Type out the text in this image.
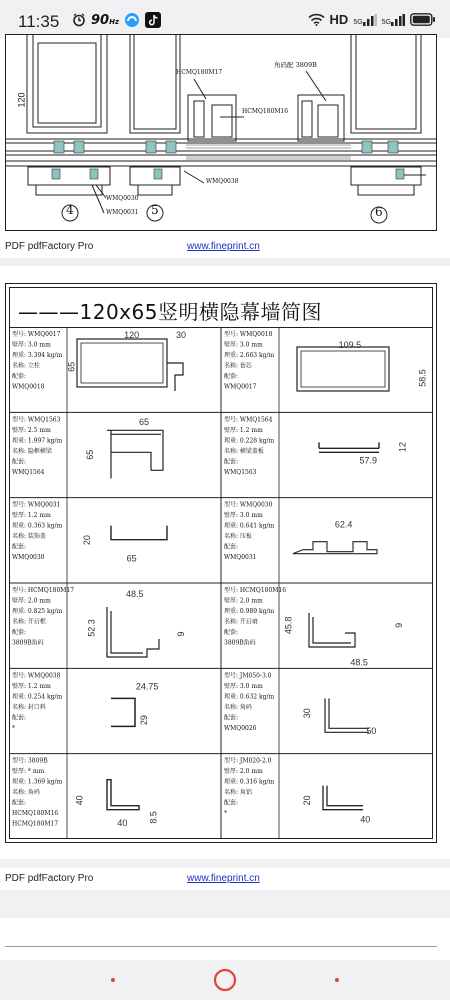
11:35 90Hz	HD 5G	5G
120
HCMQ180M17
HCMQ180M16
角码配 3809B
WMQ0038
WMQ0030
WMQ0031
4	5	6
PDF pdfFactory Pro	www.fineprint.cn
———120x65竖明横隐幕墙简图
型号: WMQ0017
壁厚: 3.0 mm
理重: 3.394 kg/m
名称: 立柱
配套:
WMQ0018
120	30
65
型号: WMQ0018
壁厚: 3.0 mm
理重: 2.663 kg/m
名称: 套芯
配套:
WMQ0017
109.5
58.5
型号: WMQ1563
壁厚: 2.5 mm
理重: 1.997 kg/m
名称: 隐框横梁
配套:
WMQ1564
65
65
型号: WMQ1564
壁厚: 1.2 mm
理重: 0.228 kg/m
名称: 横梁盖板
配套:
WMQ1563
57.9
12
型号: WMQ0031
壁厚: 1.2 mm
理重: 0.363 kg/m
名称: 装饰盖
配套:
WMQ0030
20
65
型号: WMQ0030
壁厚: 3.0 mm
理重: 0.641 kg/m
名称: 压板
配套:
WMQ0031
62.4
型号: HCMQ180M17
壁厚: 2.0 mm
理重: 0.825 kg/m
名称: 开启框
配套:
3809B角码
48.5
52.3	9
型号: HCMQ180M16
壁厚: 2.0 mm
理重: 0.989 kg/m
名称: 开启扇
配套:
3809B角码
45.8	9
48.5
型号: WMQ0038
壁厚: 1.2 mm
理重: 0.254 kg/m
名称: 封口料
配套:
*
24.75
29
型号: JM050-3.0
壁厚: 3.0 mm
理重: 0.632 kg/m
名称: 角码
配套:
WMQ0026
30
50
型号: 3809B
壁厚: * mm
理重: 1.369 kg/m
名称: 角码
配套:
HCMQ180M16
HCMQ180M17
40
40 8.5
型号: JM020-2.0
壁厚: 2.0 mm
理重: 0.316 kg/m
名称: 角铝
配套:
*
20
40
PDF pdfFactory Pro	www.fineprint.cn
